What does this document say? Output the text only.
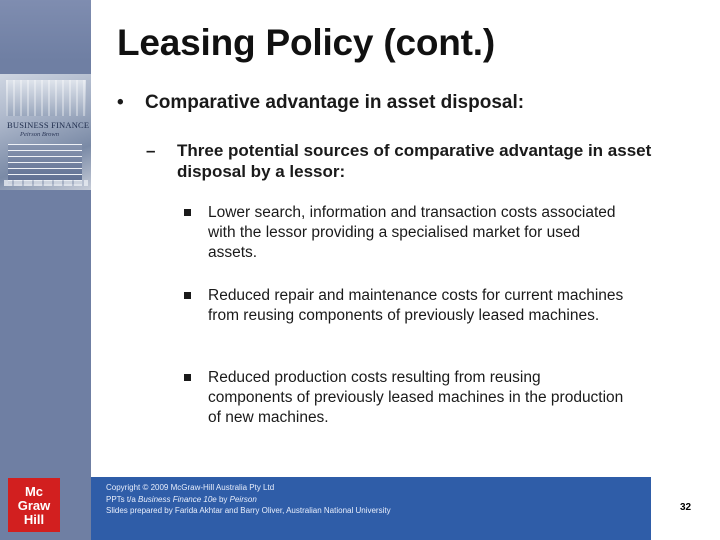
BUSINESS FINANCE
Peirson Brown
Mc
Graw
Hill
Leasing Policy (cont.)
• Comparative advantage in asset disposal:
– Three potential sources of comparative advantage in asset disposal by a lessor:
Lower search, information and transaction costs associated with the lessor providing a specialised market for used assets.
Reduced repair and maintenance costs for current machines from reusing components of previously leased machines.
Reduced production costs resulting from reusing components of previously leased machines in the production of new machines.
Copyright © 2009 McGraw-Hill Australia Pty Ltd
PPTs t/a Business Finance 10e by Peirson
Slides prepared by Farida Akhtar and Barry Oliver, Australian National University	32
